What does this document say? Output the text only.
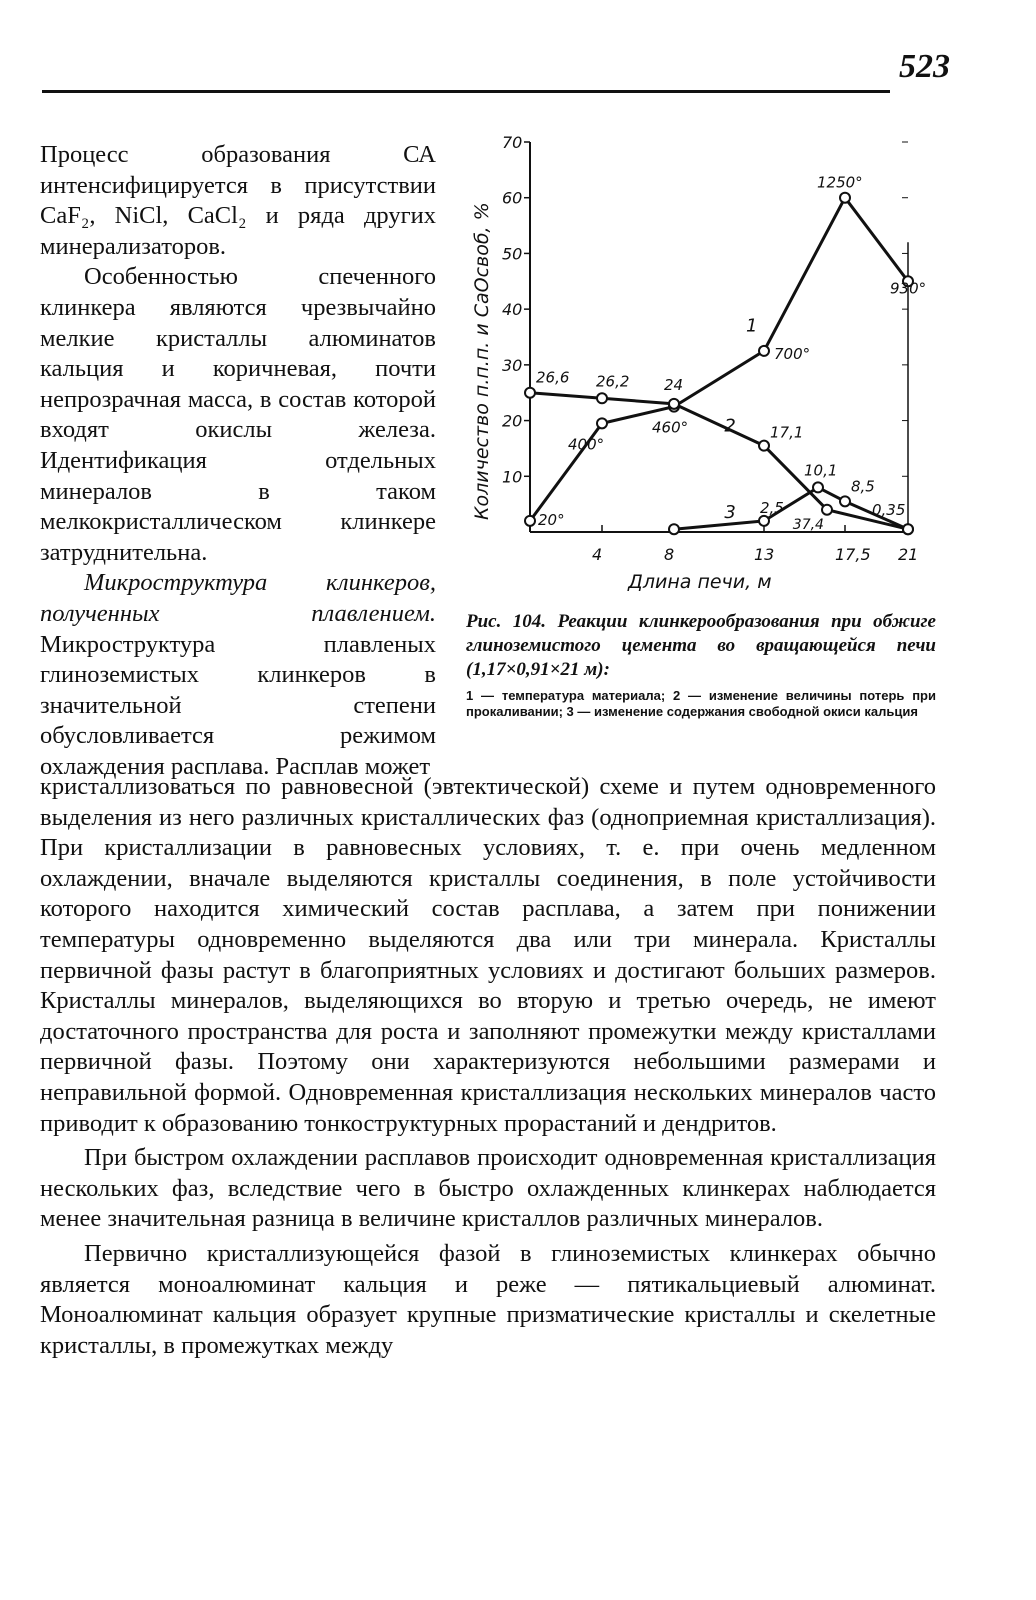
523

Процесс образования СА интенсифицируется в присутствии CaF₂, NiCl, CaCl₂ и ряда других минерализаторов.

Особенностью спеченного клинкера являются чрезвычайно мелкие кристаллы алюминатов кальция и коричневая, почти непрозрачная масса, в состав которой входят окислы железа. Идентификация отдельных минералов в таком мелкокристаллическом клинкере затруднительна.

Микроструктура клинкеров, полученных плавлением. Микроструктура плавленых глиноземистых клинкеров в значительной степени обусловливается режимом охлаждения расплава. Расплав может

10
20
30
40
50
60
70
4	8	13	17,5 21
Длина печи, м
Количество п.п.п. и CaOсвоб, %	20°
400°
460°
700°
1250°
930°
26,6 26,2 24
17,1
2,5
10,1
8,5
0,35
1
2
3
37,4
Рис. 104. Реакции клинкерообразования при обжиге глиноземистого цемента во вращающейся печи (1,17×0,91×21 м):
1 — температура материала; 2 — изменение величины потерь при прокаливании; 3 — изменение содержания свободной окиси кальция

кристаллизоваться по равновесной (эвтектической) схеме и путем одновременного выделения из него различных кристаллических фаз (одноприемная кристаллизация). При кристаллизации в равновесных условиях, т. е. при очень медленном охлаждении, вначале выделяются кристаллы соединения, в поле устойчивости которого находится химический состав расплава, а затем при понижении температуры одновременно выделяются два или три минерала. Кристаллы первичной фазы растут в благоприятных условиях и достигают больших размеров. Кристаллы минералов, выделяющихся во вторую и третью очередь, не имеют достаточного пространства для роста и заполняют промежутки между кристаллами первичной фазы. Поэтому они характеризуются небольшими размерами и неправильной формой. Одновременная кристаллизация нескольких минералов часто приводит к образованию тонкоструктурных прорастаний и дендритов.

При быстром охлаждении расплавов происходит одновременная кристаллизация нескольких фаз, вследствие чего в быстро охлажденных клинкерах наблюдается менее значительная разница в величине кристаллов различных минералов.

Первично кристаллизующейся фазой в глиноземистых клинкерах обычно является моноалюминат кальция и реже — пятикальциевый алюминат. Моноалюминат кальция образует крупные призматические кристаллы и скелетные кристаллы, в промежутках между
